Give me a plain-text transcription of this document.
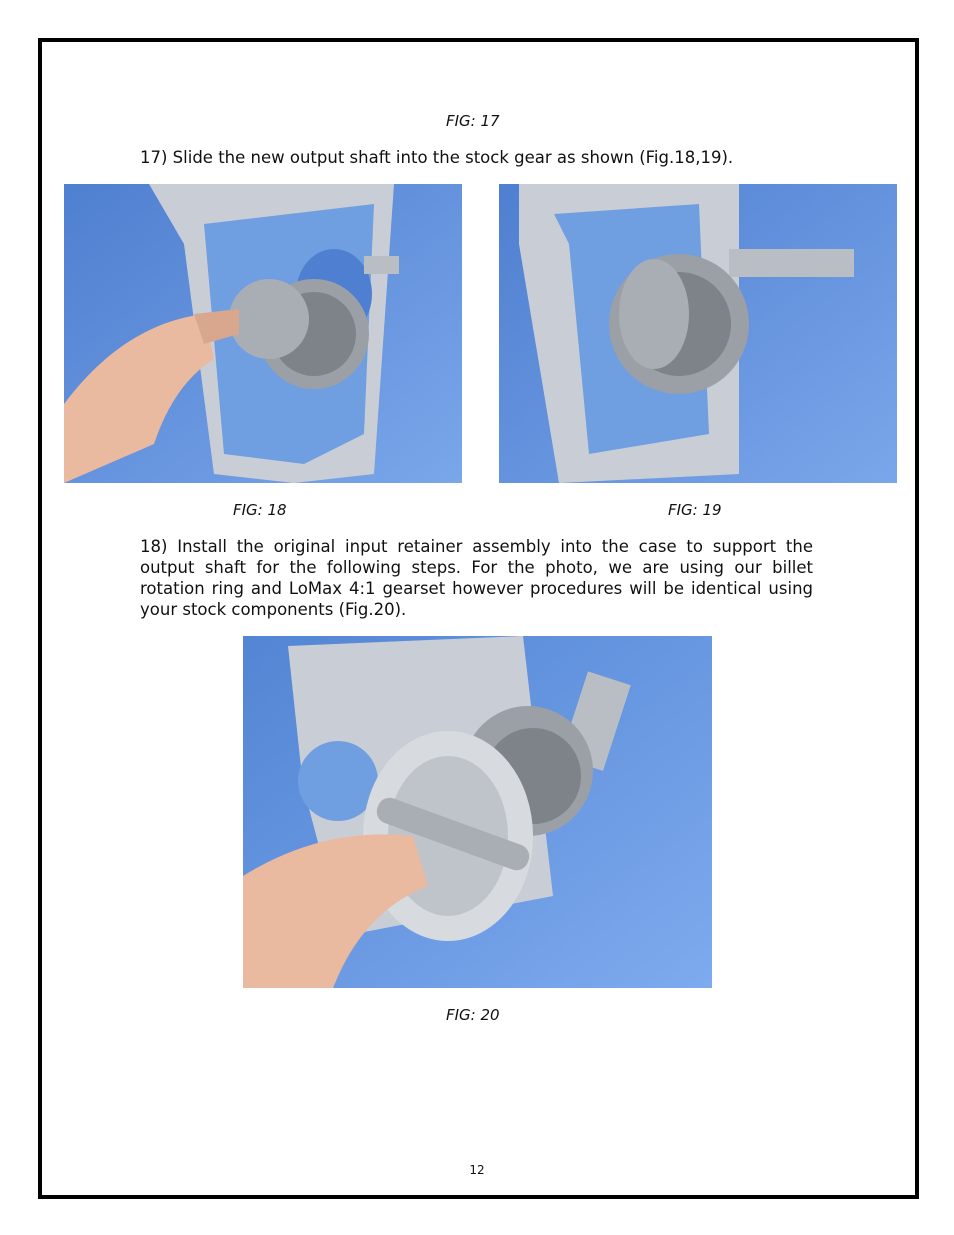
FIG: 17
17) Slide the new output shaft into the stock gear as shown (Fig.18,19).
FIG: 18	FIG: 19
18) Install the original input retainer assembly into the case to support the output shaft for the following steps. For the photo, we are using our billet rotation ring and LoMax 4:1 gearset however procedures will be identical using your stock components (Fig.20).
FIG: 20
12
